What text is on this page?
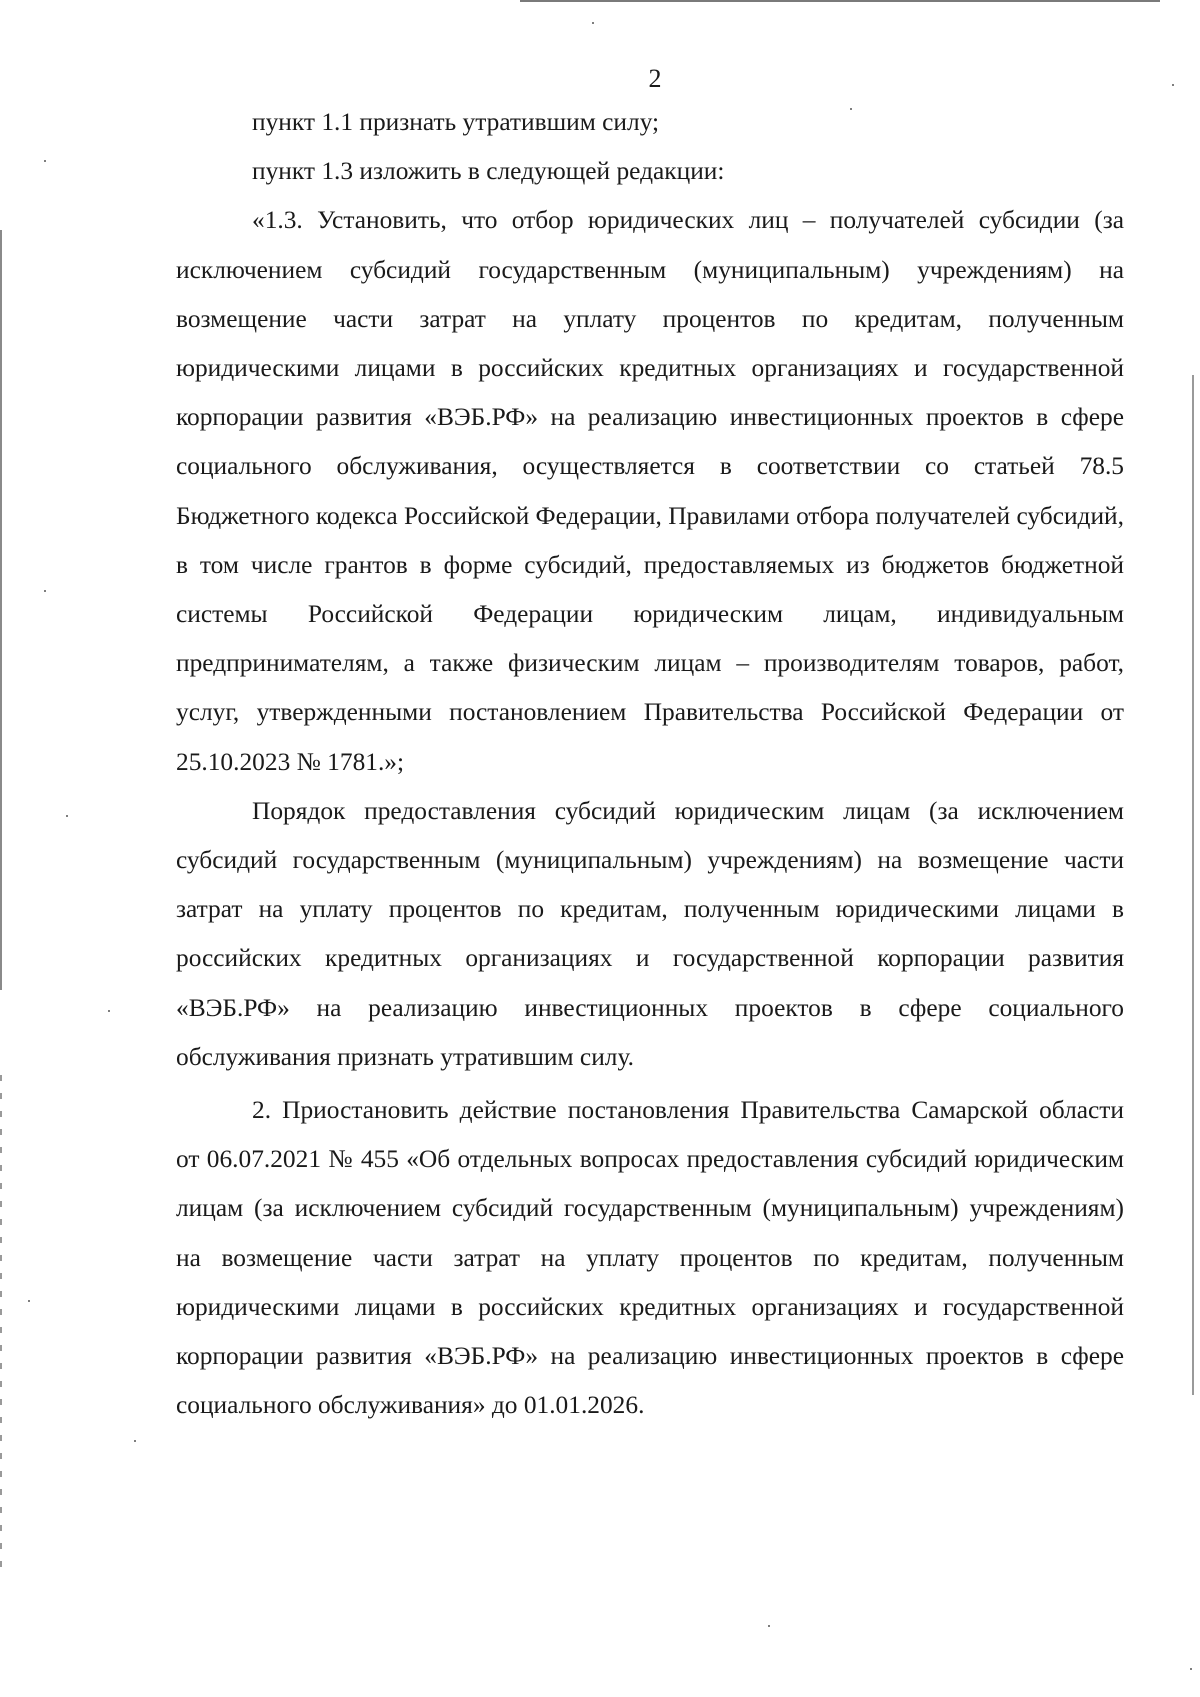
2

пункт 1.1 признать утратившим силу;

пункт 1.3 изложить в следующей редакции:

«1.3. Установить, что отбор юридических лиц – получателей субсидии (за исключением субсидий государственным (муниципальным) учреждениям) на возмещение части затрат на уплату процентов по кредитам, полученным юридическими лицами в российских кредитных организациях и государственной корпорации развития «ВЭБ.РФ» на реализацию инвестиционных проектов в сфере социального обслуживания, осуществляется в соответствии со статьей 78.5 Бюджетного кодекса Российской Федерации, Правилами отбора получателей субсидий, в том числе грантов в форме субсидий, предоставляемых из бюджетов бюджетной системы Российской Федерации юридическим лицам, индивидуальным предпринимателям, а также физическим лицам – производителям товаров, работ, услуг, утвержденными постановлением Правительства Российской Федерации от 25.10.2023 № 1781.»;

Порядок предоставления субсидий юридическим лицам (за исключением субсидий государственным (муниципальным) учреждениям) на возмещение части затрат на уплату процентов по кредитам, полученным юридическими лицами в российских кредитных организациях и государственной корпорации развития «ВЭБ.РФ» на реализацию инвестиционных проектов в сфере социального обслуживания признать утратившим силу.

2. Приостановить действие постановления Правительства Самарской области от 06.07.2021 № 455 «Об отдельных вопросах предоставления субсидий юридическим лицам (за исключением субсидий государственным (муниципальным) учреждениям) на возмещение части затрат на уплату процентов по кредитам, полученным юридическими лицами в российских кредитных организациях и государственной корпорации развития «ВЭБ.РФ» на реализацию инвестиционных проектов в сфере социального обслуживания» до 01.01.2026.
